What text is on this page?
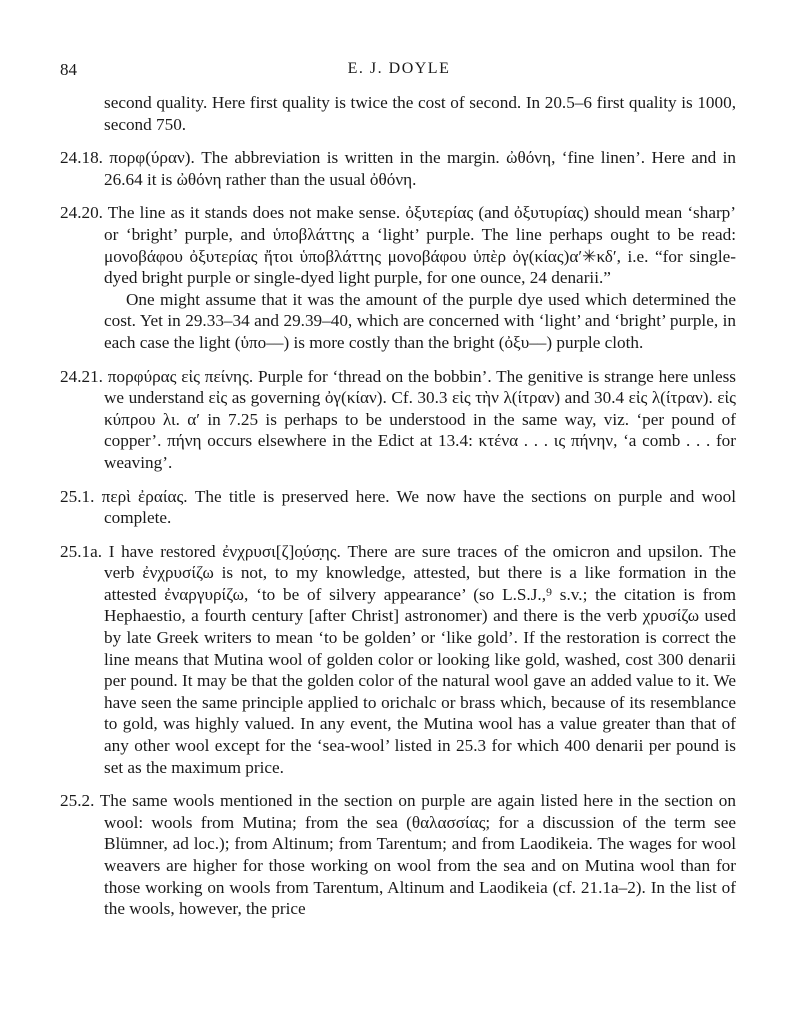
84	E. J. DOYLE

second quality. Here first quality is twice the cost of second. In 20.5–6 first quality is 1000, second 750.

24.18. πορφ(ύραν). The abbreviation is written in the margin. ὠθόνη, ‘fine linen’. Here and in 26.64 it is ὠθόνη rather than the usual ὀθόνη.

24.20. The line as it stands does not make sense. ὀξυτερίας (and ὀξυτυρίας) should mean ‘sharp’ or ‘bright’ purple, and ὑποβλάττης a ‘light’ purple. The line perhaps ought to be read: μονοβάφου ὀξυτερίας ἤτοι ὑποβλάττης μονοβάφου ὑπὲρ ὀγ(κίας)α′✳κδ′, i.e. “for single-dyed bright purple or single-dyed light purple, for one ounce, 24 denarii.”

One might assume that it was the amount of the purple dye used which determined the cost. Yet in 29.33–34 and 29.39–40, which are concerned with ‘light’ and ‘bright’ purple, in each case the light (ὑπο––) is more costly than the bright (ὀξυ––) purple cloth.

24.21. πορφύρας εἰς πείνης. Purple for ‘thread on the bobbin’. The genitive is strange here unless we understand εἰς as governing ὀγ(κίαν). Cf. 30.3 εἰς τὴν λ(ίτραν) and 30.4 εἰς λ(ίτραν). εἰς κύπρου λι. α′ in 7.25 is perhaps to be understood in the same way, viz. ‘per pound of copper’. πήνη occurs elsewhere in the Edict at 13.4: κτένα . . . ις πήνην, ‘a comb . . . for weaving’.

25.1. περὶ ἐραίας. The title is preserved here. We now have the sections on purple and wool complete.

25.1a. I have restored ἐνχρυσι[ζ]ο̣ύσ̣ης. There are sure traces of the omicron and upsilon. The verb ἐνχρυσίζω is not, to my knowledge, attested, but there is a like formation in the attested ἐναργυρίζω, ‘to be of silvery appearance’ (so L.S.J.,⁹ s.v.; the citation is from Hephaestio, a fourth century [after Christ] astronomer) and there is the verb χρυσίζω used by late Greek writers to mean ‘to be golden’ or ‘like gold’. If the restoration is correct the line means that Mutina wool of golden color or looking like gold, washed, cost 300 denarii per pound. It may be that the golden color of the natural wool gave an added value to it. We have seen the same principle applied to orichalc or brass which, because of its resemblance to gold, was highly valued. In any event, the Mutina wool has a value greater than that of any other wool except for the ‘sea-wool’ listed in 25.3 for which 400 denarii per pound is set as the maximum price.

25.2. The same wools mentioned in the section on purple are again listed here in the section on wool: wools from Mutina; from the sea (θαλασσίας; for a discussion of the term see Blümner, ad loc.); from Altinum; from Tarentum; and from Laodikeia. The wages for wool weavers are higher for those working on wool from the sea and on Mutina wool than for those working on wools from Tarentum, Altinum and Laodikeia (cf. 21.1a–2). In the list of the wools, however, the price
